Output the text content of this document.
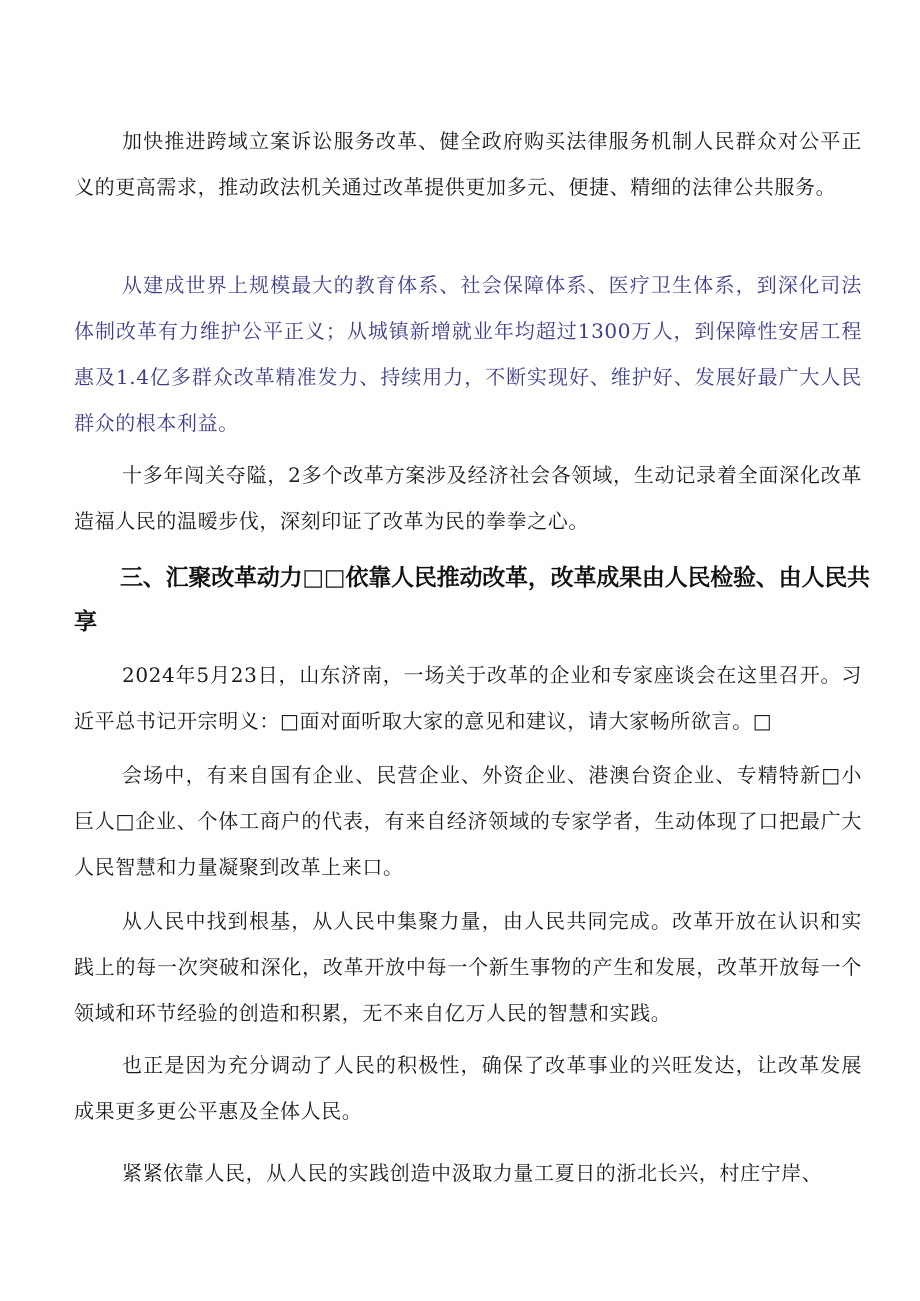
加快推进跨域立案诉讼服务改革、健全政府购买法律服务机制人民群众对公平正义的更高需求，推动政法机关通过改革提供更加多元、便捷、精细的法律公共服务。

从建成世界上规模最大的教育体系、社会保障体系、医疗卫生体系，到深化司法体制改革有力维护公平正义；从城镇新增就业年均超过1300万人，到保障性安居工程惠及1.4亿多群众改革精准发力、持续用力，不断实现好、维护好、发展好最广大人民群众的根本利益。

十多年闯关夺隘，2多个改革方案涉及经济社会各领域，生动记录着全面深化改革造福人民的温暧步伐，深刻印证了改革为民的拳拳之心。

三、汇聚改革动力□□依靠人民推动改革，改革成果由人民检验、由人民共享

2024年5月23日，山东济南，一场关于改革的企业和专家座谈会在这里召开。习近平总书记开宗明义：□面对面听取大家的意见和建议，请大家畅所欲言。□

会场中，有来自国有企业、民营企业、外资企业、港澳台资企业、专精特新□小巨人□企业、个体工商户的代表，有来自经济领域的专家学者，生动体现了口把最广大人民智慧和力量凝聚到改革上来口。

从人民中找到根基，从人民中集聚力量，由人民共同完成。改革开放在认识和实践上的每一次突破和深化，改革开放中每一个新生事物的产生和发展，改革开放每一个领域和环节经验的创造和积累，无不来自亿万人民的智慧和实践。

也正是因为充分调动了人民的积极性，确保了改革事业的兴旺发达，让改革发展成果更多更公平惠及全体人民。

紧紧依靠人民，从人民的实践创造中汲取力量工夏日的浙北长兴，村庄宁岸、
